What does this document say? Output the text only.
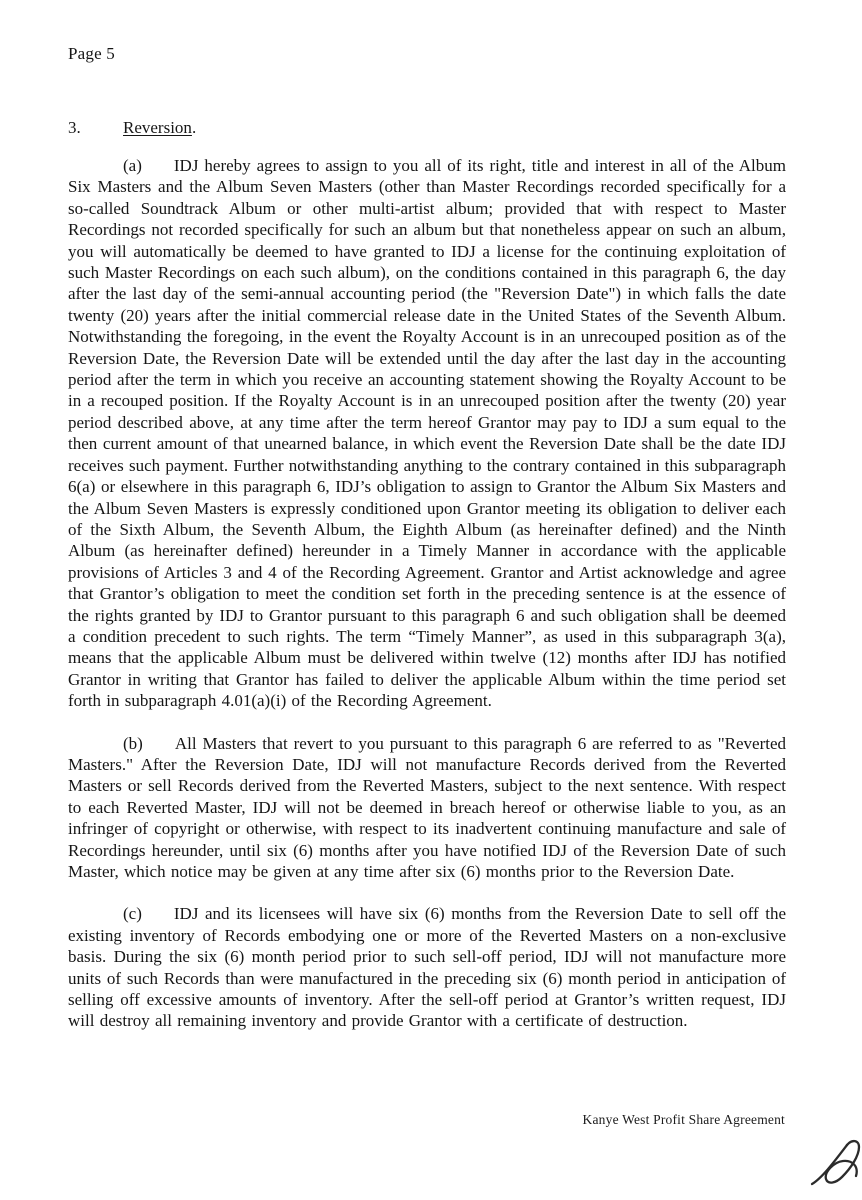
Page 5
3. Reversion.

(a) IDJ hereby agrees to assign to you all of its right, title and interest in all of the Album Six Masters and the Album Seven Masters (other than Master Recordings recorded specifically for a so-called Soundtrack Album or other multi-artist album; provided that with respect to Master Recordings not recorded specifically for such an album but that nonetheless appear on such an album, you will automatically be deemed to have granted to IDJ a license for the continuing exploitation of such Master Recordings on each such album), on the conditions contained in this paragraph 6, the day after the last day of the semi-annual accounting period (the "Reversion Date") in which falls the date twenty (20) years after the initial commercial release date in the United States of the Seventh Album. Notwithstanding the foregoing, in the event the Royalty Account is in an unrecouped position as of the Reversion Date, the Reversion Date will be extended until the day after the last day in the accounting period after the term in which you receive an accounting statement showing the Royalty Account to be in a recouped position. If the Royalty Account is in an unrecouped position after the twenty (20) year period described above, at any time after the term hereof Grantor may pay to IDJ a sum equal to the then current amount of that unearned balance, in which event the Reversion Date shall be the date IDJ receives such payment. Further notwithstanding anything to the contrary contained in this subparagraph 6(a) or elsewhere in this paragraph 6, IDJ’s obligation to assign to Grantor the Album Six Masters and the Album Seven Masters is expressly conditioned upon Grantor meeting its obligation to deliver each of the Sixth Album, the Seventh Album, the Eighth Album (as hereinafter defined) and the Ninth Album (as hereinafter defined) hereunder in a Timely Manner in accordance with the applicable provisions of Articles 3 and 4 of the Recording Agreement. Grantor and Artist acknowledge and agree that Grantor’s obligation to meet the condition set forth in the preceding sentence is at the essence of the rights granted by IDJ to Grantor pursuant to this paragraph 6 and such obligation shall be deemed a condition precedent to such rights. The term “Timely Manner”, as used in this subparagraph 3(a), means that the applicable Album must be delivered within twelve (12) months after IDJ has notified Grantor in writing that Grantor has failed to deliver the applicable Album within the time period set forth in subparagraph 4.01(a)(i) of the Recording Agreement.

(b) All Masters that revert to you pursuant to this paragraph 6 are referred to as "Reverted Masters." After the Reversion Date, IDJ will not manufacture Records derived from the Reverted Masters or sell Records derived from the Reverted Masters, subject to the next sentence. With respect to each Reverted Master, IDJ will not be deemed in breach hereof or otherwise liable to you, as an infringer of copyright or otherwise, with respect to its inadvertent continuing manufacture and sale of Recordings hereunder, until six (6) months after you have notified IDJ of the Reversion Date of such Master, which notice may be given at any time after six (6) months prior to the Reversion Date.

(c) IDJ and its licensees will have six (6) months from the Reversion Date to sell off the existing inventory of Records embodying one or more of the Reverted Masters on a non-exclusive basis. During the six (6) month period prior to such sell-off period, IDJ will not manufacture more units of such Records than were manufactured in the preceding six (6) month period in anticipation of selling off excessive amounts of inventory. After the sell-off period at Grantor’s written request, IDJ will destroy all remaining inventory and provide Grantor with a certificate of destruction.

Kanye West Profit Share Agreement
